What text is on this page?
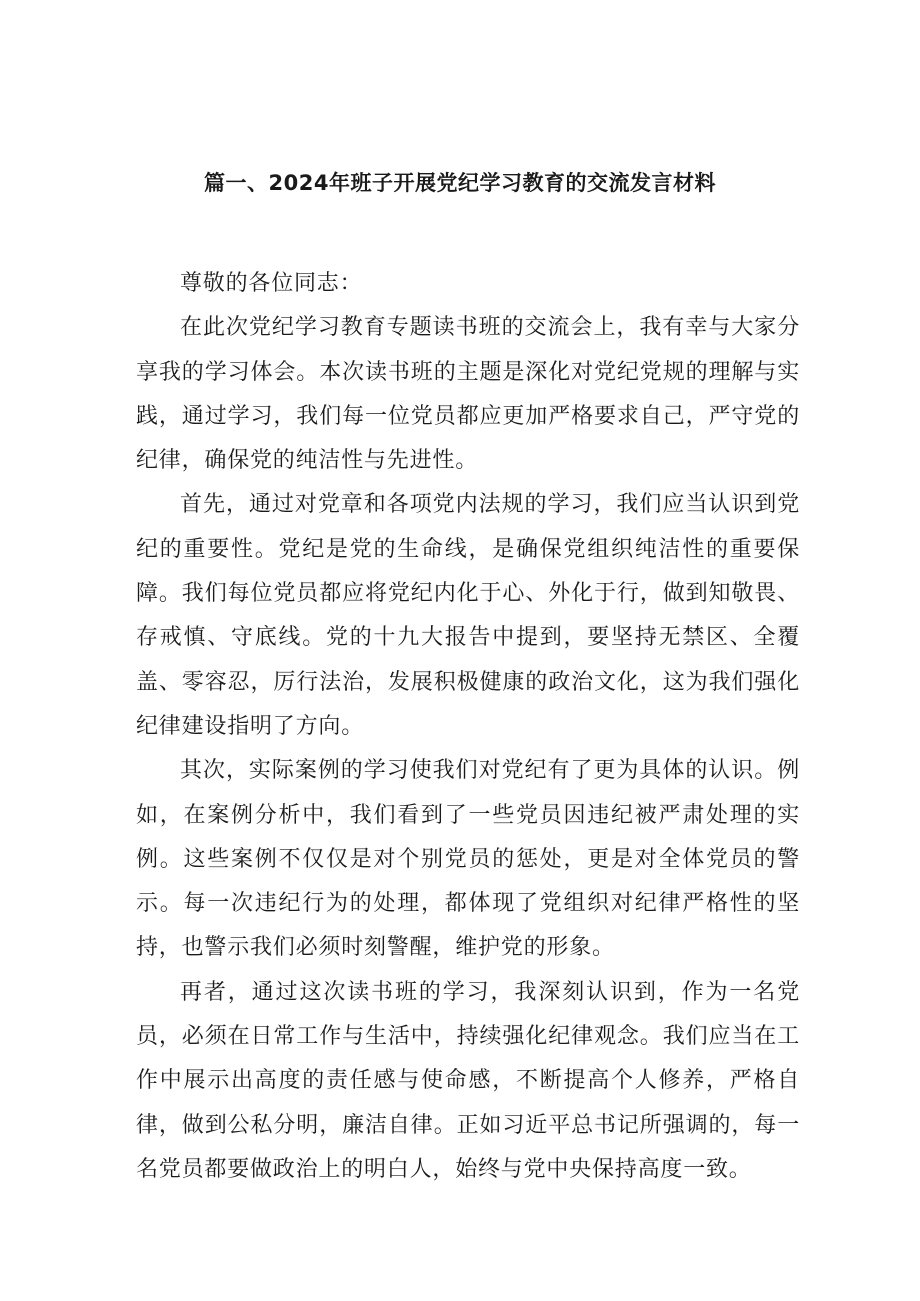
篇一、2024年班子开展党纪学习教育的交流发言材料

尊敬的各位同志：

在此次党纪学习教育专题读书班的交流会上，我有幸与大家分享我的学习体会。本次读书班的主题是深化对党纪党规的理解与实践，通过学习，我们每一位党员都应更加严格要求自己，严守党的纪律，确保党的纯洁性与先进性。

首先，通过对党章和各项党内法规的学习，我们应当认识到党纪的重要性。党纪是党的生命线，是确保党组织纯洁性的重要保障。我们每位党员都应将党纪内化于心、外化于行，做到知敬畏、存戒慎、守底线。党的十九大报告中提到，要坚持无禁区、全覆盖、零容忍，厉行法治，发展积极健康的政治文化，这为我们强化纪律建设指明了方向。

其次，实际案例的学习使我们对党纪有了更为具体的认识。例如，在案例分析中，我们看到了一些党员因违纪被严肃处理的实例。这些案例不仅仅是对个别党员的惩处，更是对全体党员的警示。每一次违纪行为的处理，都体现了党组织对纪律严格性的坚持，也警示我们必须时刻警醒，维护党的形象。

再者，通过这次读书班的学习，我深刻认识到，作为一名党员，必须在日常工作与生活中，持续强化纪律观念。我们应当在工作中展示出高度的责任感与使命感，不断提高个人修养，严格自律，做到公私分明，廉洁自律。正如习近平总书记所强调的，每一名党员都要做政治上的明白人，始终与党中央保持高度一致。
